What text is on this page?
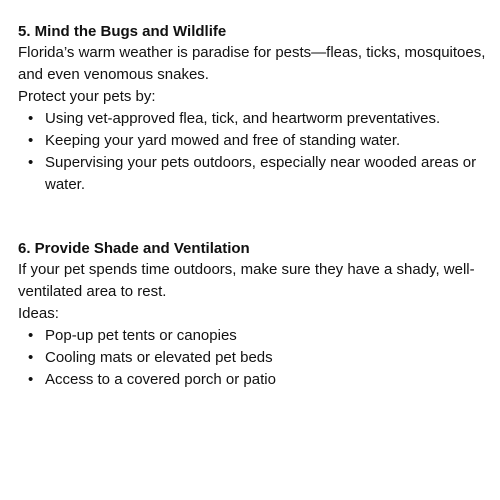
5. Mind the Bugs and Wildlife

Florida’s warm weather is paradise for pests—fleas, ticks, mosquitoes, and even venomous snakes.

Protect your pets by:

• Using vet-approved flea, tick, and heartworm preventatives.
• Keeping your yard mowed and free of standing water.
• Supervising your pets outdoors, especially near wooded areas or water.
6. Provide Shade and Ventilation

If your pet spends time outdoors, make sure they have a shady, well-ventilated area to rest.

Ideas:

• Pop-up pet tents or canopies
• Cooling mats or elevated pet beds
• Access to a covered porch or patio
